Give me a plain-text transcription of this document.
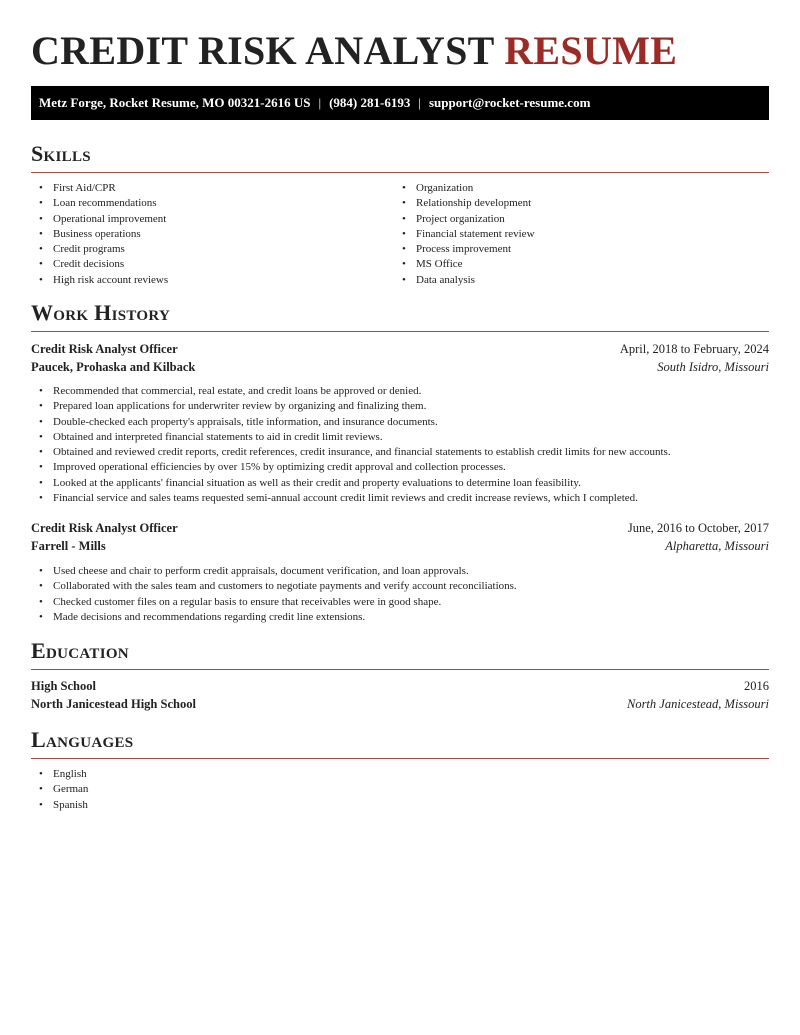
CREDIT RISK ANALYST RESUME
Metz Forge, Rocket Resume, MO 00321-2616 US | (984) 281-6193 | support@rocket-resume.com
Skills
• First Aid/CPR
• Loan recommendations
• Operational improvement
• Business operations
• Credit programs
• Credit decisions
• High risk account reviews
• Organization
• Relationship development
• Project organization
• Financial statement review
• Process improvement
• MS Office
• Data analysis
Work History
Credit Risk Analyst Officer	April, 2018 to February, 2024
Paucek, Prohaska and Kilback	South Isidro, Missouri
• Recommended that commercial, real estate, and credit loans be approved or denied.
• Prepared loan applications for underwriter review by organizing and finalizing them.
• Double-checked each property's appraisals, title information, and insurance documents.
• Obtained and interpreted financial statements to aid in credit limit reviews.
• Obtained and reviewed credit reports, credit references, credit insurance, and financial statements to establish credit limits for new accounts.
• Improved operational efficiencies by over 15% by optimizing credit approval and collection processes.
• Looked at the applicants' financial situation as well as their credit and property evaluations to determine loan feasibility.
• Financial service and sales teams requested semi-annual account credit limit reviews and credit increase reviews, which I completed.
Credit Risk Analyst Officer	June, 2016 to October, 2017
Farrell - Mills	Alpharetta, Missouri
• Used cheese and chair to perform credit appraisals, document verification, and loan approvals.
• Collaborated with the sales team and customers to negotiate payments and verify account reconciliations.
• Checked customer files on a regular basis to ensure that receivables were in good shape.
• Made decisions and recommendations regarding credit line extensions.
Education
High School	2016
North Janicestead High School	North Janicestead, Missouri
Languages
• English
• German
• Spanish
